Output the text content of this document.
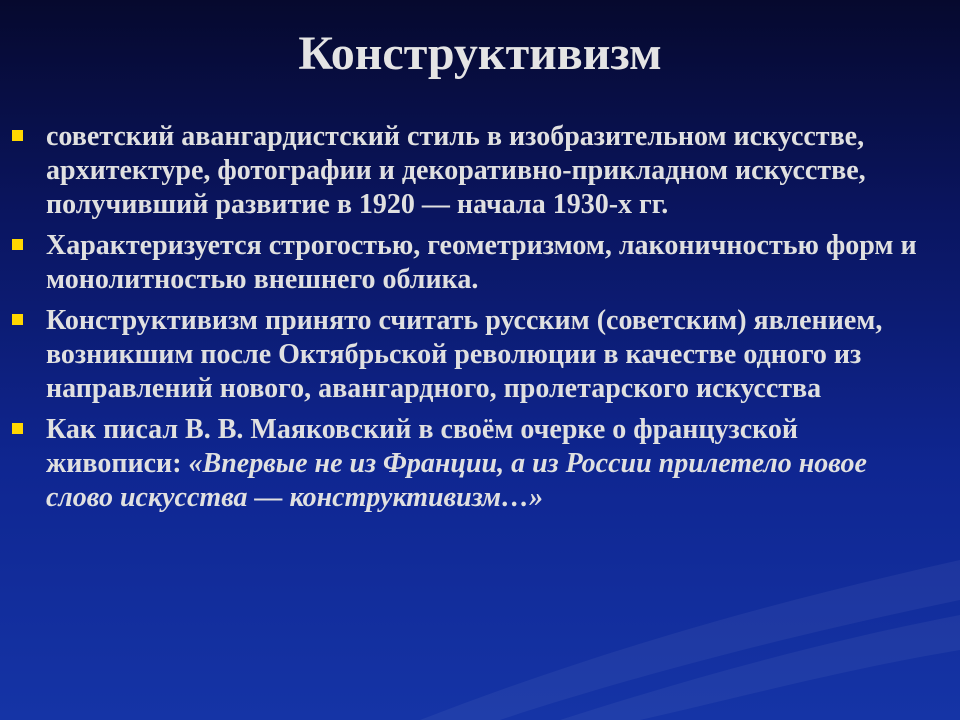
Конструктивизм
советский авангардистский стиль в изобразительном искусстве, архитектуре, фотографии и декоративно-прикладном искусстве, получивший развитие в 1920 — начала 1930-х гг.
Характеризуется строгостью, геометризмом, лаконичностью форм и монолитностью внешнего облика.
Конструктивизм принято считать русским (советским) явлением, возникшим после Октябрьской революции в качестве одного из направлений нового, авангардного, пролетарского искусства
Как писал В. В. Маяковский в своём очерке о французской живописи: «Впервые не из Франции, а из России прилетело новое слово искусства — конструктивизм…»
